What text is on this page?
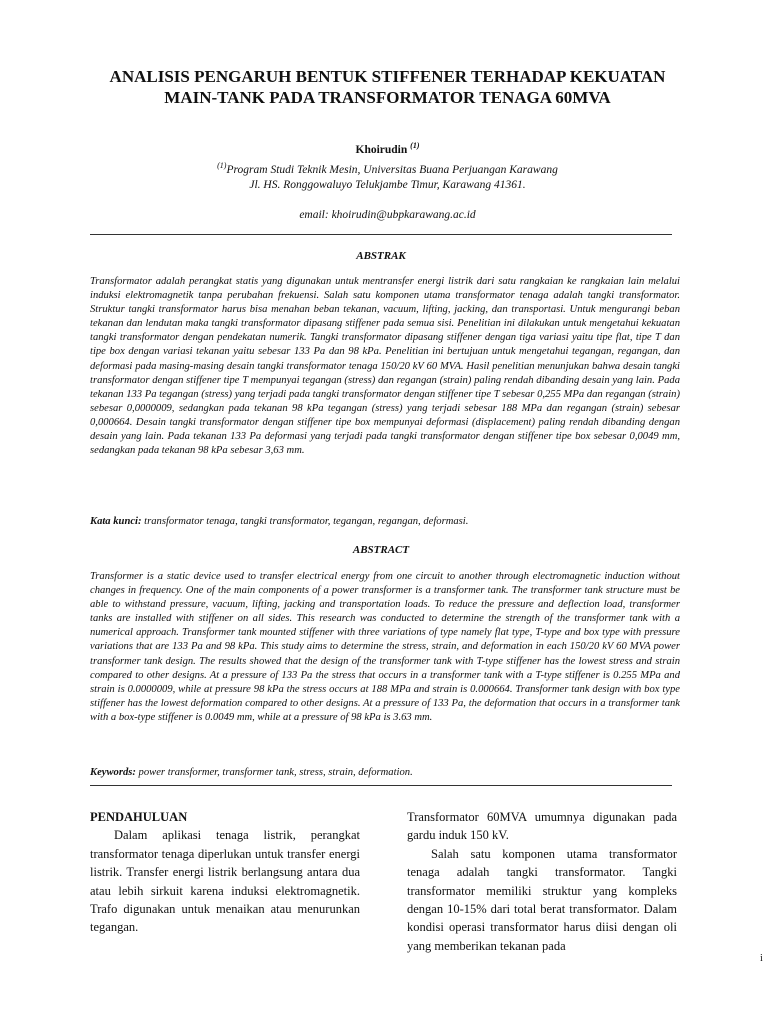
ANALISIS PENGARUH BENTUK STIFFENER TERHADAP KEKUATAN MAIN-TANK PADA TRANSFORMATOR TENAGA 60MVA
Khoirudin $^{(1)}$
$^{(1)}$Program Studi Teknik Mesin, Universitas Buana Perjuangan Karawang
Jl. HS. Ronggowaluyo Telukjambe Timur, Karawang 41361.
email: khoirudin@ubpkarawang.ac.id
ABSTRAK

Transformator adalah perangkat statis yang digunakan untuk mentransfer energi listrik dari satu rangkaian ke rangkaian lain melalui induksi elektromagnetik tanpa perubahan frekuensi. Salah satu komponen utama transformator tenaga adalah tangki transformator. Struktur tangki transformator harus bisa menahan beban tekanan, vacuum, lifting, jacking, dan transportasi. Untuk mengurangi beban tekanan dan lendutan maka tangki transformator dipasang stiffener pada semua sisi. Penelitian ini dilakukan untuk mengetahui kekuatan tangki transformator dengan pendekatan numerik. Tangki transformator dipasang stiffener dengan tiga variasi yaitu tipe flat, tipe T dan tipe box dengan variasi tekanan yaitu sebesar 133 Pa dan 98 kPa. Penelitian ini bertujuan untuk mengetahui tegangan, regangan, dan deformasi pada masing-masing desain tangki transformator tenaga 150/20 kV 60 MVA. Hasil penelitian menunjukan bahwa desain tangki transformator dengan stiffener tipe T mempunyai tegangan (stress) dan regangan (strain) paling rendah dibanding desain yang lain. Pada tekanan 133 Pa tegangan (stress) yang terjadi pada tangki transformator dengan stiffener tipe T sebesar 0,255 MPa dan regangan (strain) sebesar 0,0000009, sedangkan pada tekanan 98 kPa tegangan (stress) yang terjadi sebesar 188 MPa dan regangan (strain) sebesar 0,000664. Desain tangki transformator dengan stiffener tipe box mempunyai deformasi (displacement) paling rendah dibanding dengan desain yang lain. Pada tekanan 133 Pa deformasi yang terjadi pada tangki transformator dengan stiffener tipe box sebesar 0,0049 mm, sedangkan pada tekanan 98 kPa sebesar 3,63 mm.

Kata kunci: transformator tenaga, tangki transformator, tegangan, regangan, deformasi.
ABSTRACT

Transformer is a static device used to transfer electrical energy from one circuit to another through electromagnetic induction without changes in frequency. One of the main components of a power transformer is a transformer tank. The transformer tank structure must be able to withstand pressure, vacuum, lifting, jacking and transportation loads. To reduce the pressure and deflection load, transformer tanks are installed with stiffener on all sides. This research was conducted to determine the strength of the transformer tank with a numerical approach. Transformer tank mounted stiffener with three variations of type namely flat type, T-type and box type with pressure variations that are 133 Pa and 98 kPa. This study aims to determine the stress, strain, and deformation in each 150/20 kV 60 MVA power transformer tank design. The results showed that the design of the transformer tank with T-type stiffener has the lowest stress and strain compared to other designs. At a pressure of 133 Pa the stress that occurs in a transformer tank with a T-type stiffener is 0.255 MPa and strain is 0.0000009, while at pressure 98 kPa the stress occurs at 188 MPa and strain is 0.000664. Transformer tank design with box type stiffener has the lowest deformation compared to other designs. At a pressure of 133 Pa, the deformation that occurs in a transformer tank with a box-type stiffener is 0.0049 mm, while at a pressure of 98 kPa is 3.63 mm.

Keywords: power transformer, transformer tank, stress, strain, deformation.
PENDAHULUAN

Dalam aplikasi tenaga listrik, perangkat transformator tenaga diperlukan untuk transfer energi listrik. Transfer energi listrik berlangsung antara dua atau lebih sirkuit karena induksi elektromagnetik. Trafo digunakan untuk menaikan atau menurunkan tegangan.

Transformator 60MVA umumnya digunakan pada gardu induk 150 kV.

Salah satu komponen utama transformator tenaga adalah tangki transformator. Tangki transformator memiliki struktur yang kompleks dengan 10-15% dari total berat transformator. Dalam kondisi operasi transformator harus diisi dengan oli yang memberikan tekanan pada

i
